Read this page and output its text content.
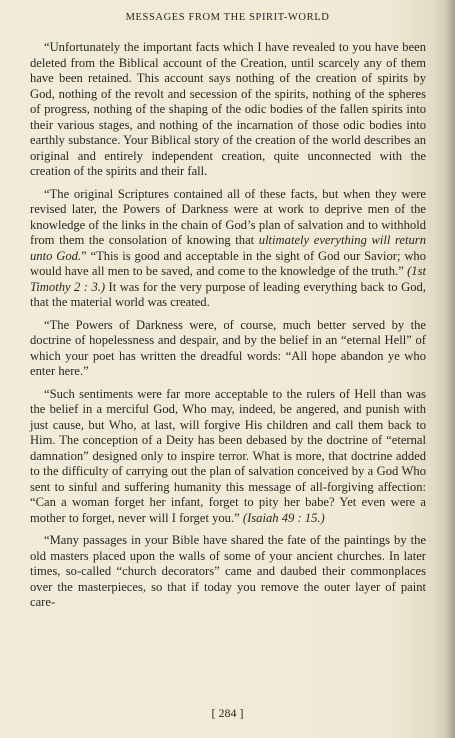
MESSAGES FROM THE SPIRIT-WORLD

“Unfortunately the important facts which I have revealed to you have been deleted from the Biblical account of the Creation, until scarcely any of them have been retained. This account says nothing of the creation of spirits by God, nothing of the revolt and secession of the spirits, nothing of the spheres of progress, nothing of the shaping of the odic bodies of the fallen spirits into their various stages, and nothing of the incarnation of those odic bodies into earthly substance. Your Biblical story of the creation of the world describes an original and entirely independent creation, quite unconnected with the creation of the spirits and their fall.

“The original Scriptures contained all of these facts, but when they were revised later, the Powers of Darkness were at work to deprive men of the knowledge of the links in the chain of God’s plan of salvation and to withhold from them the consolation of knowing that ultimately everything will return unto God.” “This is good and acceptable in the sight of God our Savior; who would have all men to be saved, and come to the knowledge of the truth.” (1st Timothy 2 : 3.) It was for the very purpose of leading everything back to God, that the material world was created.

“The Powers of Darkness were, of course, much better served by the doctrine of hopelessness and despair, and by the belief in an “eternal Hell” of which your poet has written the dreadful words: “All hope abandon ye who enter here.”

“Such sentiments were far more acceptable to the rulers of Hell than was the belief in a merciful God, Who may, indeed, be angered, and punish with just cause, but Who, at last, will forgive His children and call them back to Him. The conception of a Deity has been debased by the doctrine of “eternal damnation” designed only to inspire terror. What is more, that doctrine added to the difficulty of carrying out the plan of salvation conceived by a God Who sent to sinful and suffering humanity this message of all-forgiving affection: “Can a woman forget her infant, forget to pity her babe? Yet even were a mother to forget, never will I forget you.” (Isaiah 49 : 15.)

“Many passages in your Bible have shared the fate of the paintings by the old masters placed upon the walls of some of your ancient churches. In later times, so-called “church decorators” came and daubed their commonplaces over the masterpieces, so that if today you remove the outer layer of paint care-

[ 284 ]
